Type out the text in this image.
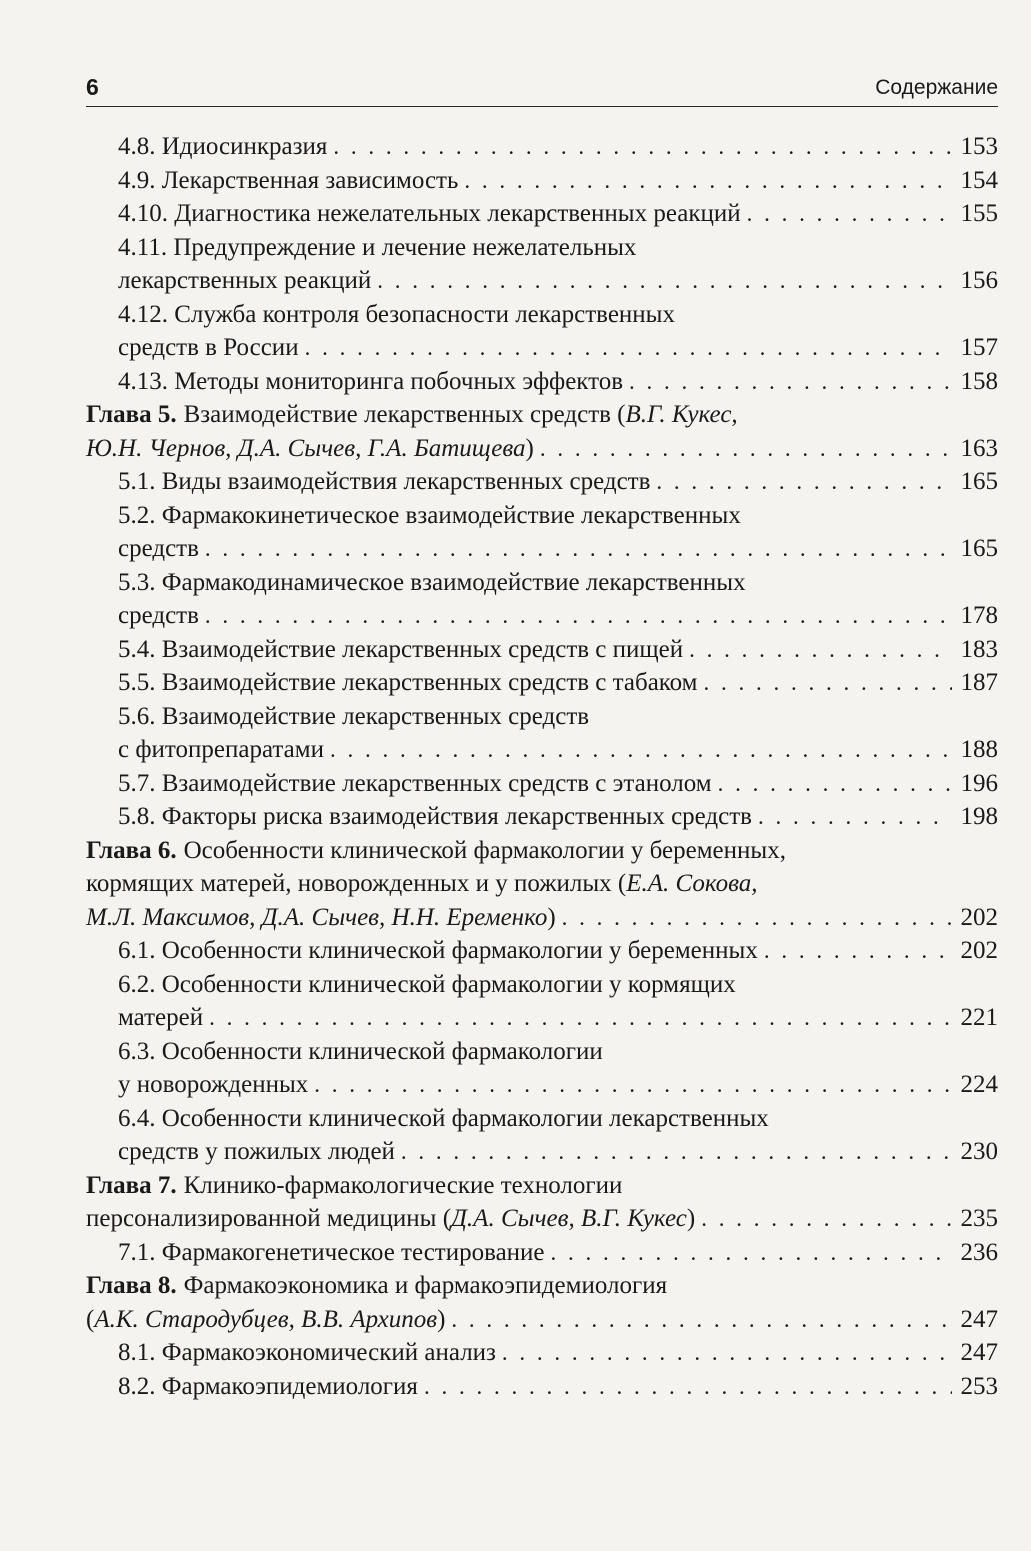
6	Содержание
4.8. Идиосинкразия . . .	153
4.9. Лекарственная зависимость . . .	154
4.10. Диагностика нежелательных лекарственных реакций . . .	155
4.11. Предупреждение и лечение нежелательных
лекарственных реакций . . .	156
4.12. Служба контроля безопасности лекарственных
средств в России . . .	157
4.13. Методы мониторинга побочных эффектов . . .	158
Глава 5. Взаимодействие лекарственных средств (В.Г. Кукес,
Ю.Н. Чернов, Д.А. Сычев, Г.А. Батищева) . . .	163
5.1. Виды взаимодействия лекарственных средств . . .	165
5.2. Фармакокинетическое взаимодействие лекарственных
средств . . .	165
5.3. Фармакодинамическое взаимодействие лекарственных
средств . . .	178
5.4. Взаимодействие лекарственных средств с пищей . . .	183
5.5. Взаимодействие лекарственных средств с табаком . . .	187
5.6. Взаимодействие лекарственных средств
с фитопрепаратами . . .	188
5.7. Взаимодействие лекарственных средств с этанолом . . .	196
5.8. Факторы риска взаимодействия лекарственных средств . . .	198
Глава 6. Особенности клинической фармакологии у беременных,
кормящих матерей, новорожденных и у пожилых (Е.А. Сокова,
М.Л. Максимов, Д.А. Сычев, Н.Н. Еременко) . . .	202
6.1. Особенности клинической фармакологии у беременных . . .	202
6.2. Особенности клинической фармакологии у кормящих
матерей . . .	221
6.3. Особенности клинической фармакологии
у новорожденных . . .	224
6.4. Особенности клинической фармакологии лекарственных
средств у пожилых людей . . .	230
Глава 7. Клинико-фармакологические технологии
персонализированной медицины (Д.А. Сычев, В.Г. Кукес) . . .	235
7.1. Фармакогенетическое тестирование . . .	236
Глава 8. Фармакоэкономика и фармакоэпидемиология
(А.К. Стародубцев, В.В. Архипов) . . .	247
8.1. Фармакоэкономический анализ . . .	247
8.2. Фармакоэпидемиология . . .	253
